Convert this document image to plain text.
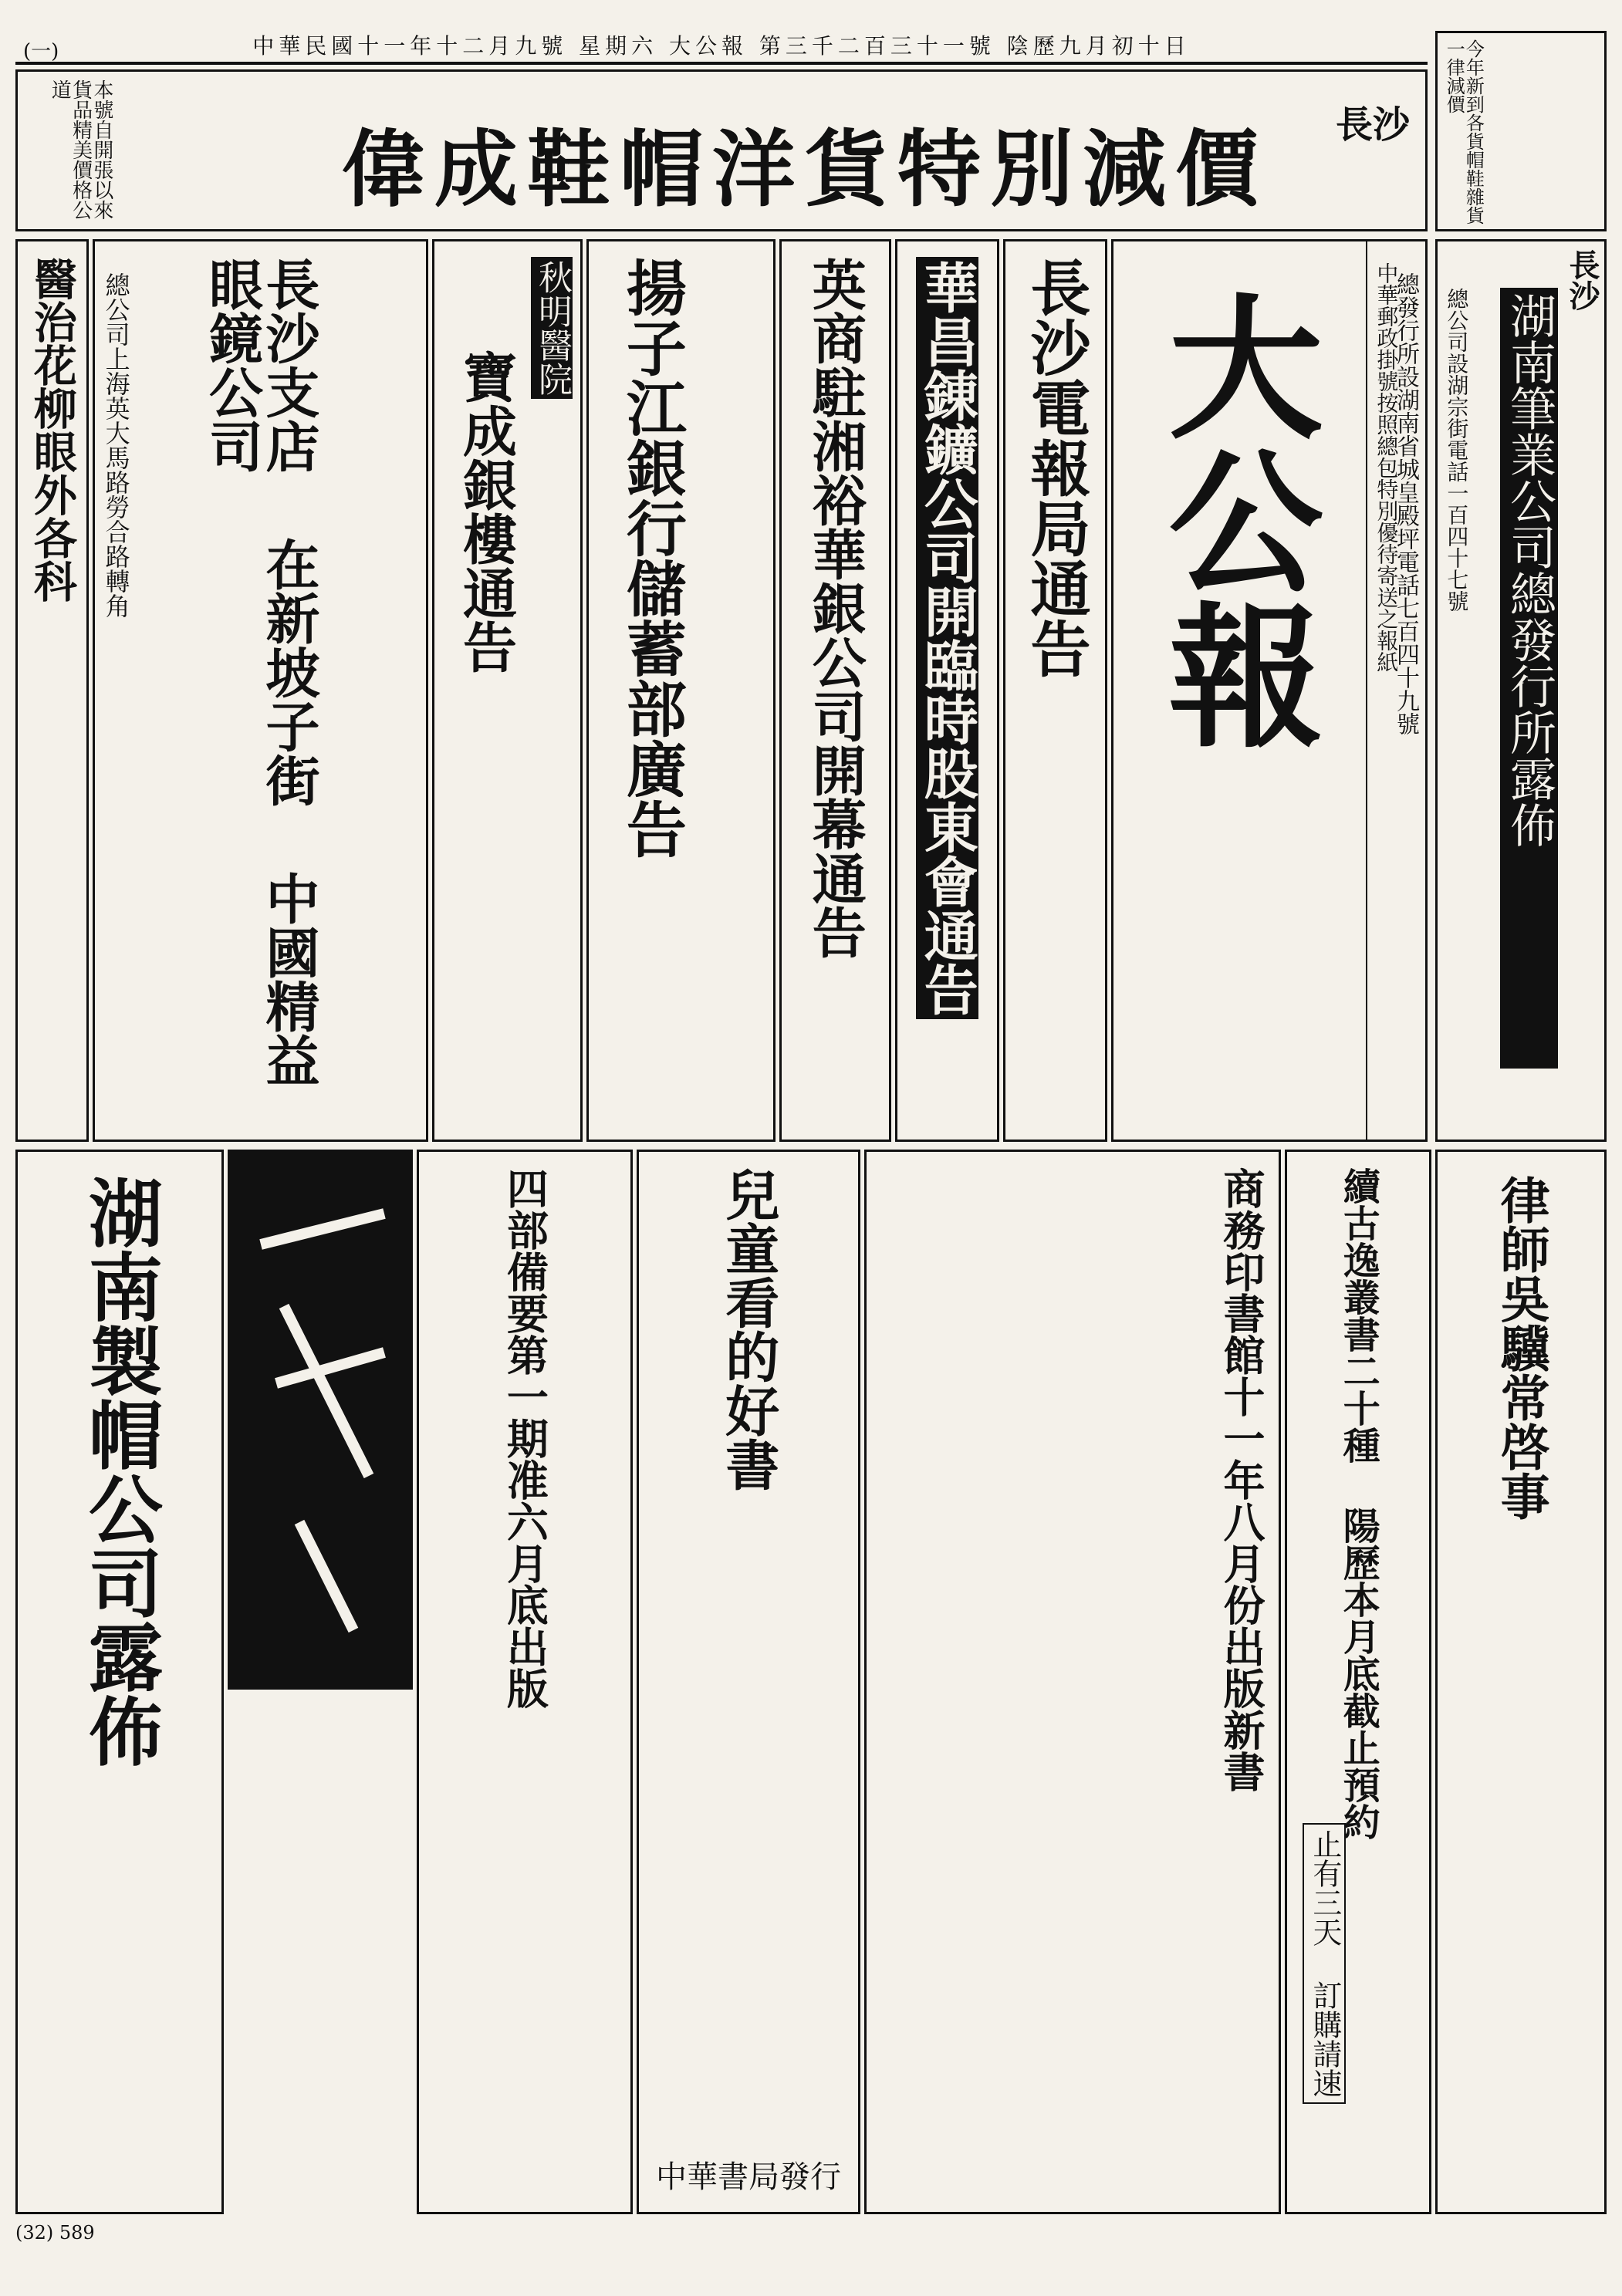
中華民國十一年十二月九號 星期六 大公報 第三千二百三十一號 陰歷九月初十日
(一)
偉成鞋帽洋貨特別減價 長沙
本號自開張以來貨品精美價格公道	今年新到各貨帽鞋雜貨一律減價
長沙
湖南筆業公司總發行所露佈
總公司設湖宗街電話一百四十七號
大公報	總發行所設湖南省城皇殿坪電話七百四十九號
中華郵政掛號按照總包特別優待寄送之報紙
長沙電報局通告
華昌錬鑛公司開臨時股東會通告
英商駐湘裕華銀公司開幕通告
揚子江銀行儲蓄部廣告
寶成銀樓通告
秋明醫院
長沙支店 在新坡子街 中國精益眼鏡公司
總公司上海英大馬路勞合路轉角
醫治花柳眼外各科
湖南製帽公司露佈	四部備要第一期准六月底出版	兒童看的好書
中華書局發行
商務印書館十一年八月份出版新書 續古逸叢書二十種 陽歷本月底截止預約
止有三天 訂購請速
律師吳驥常啓事
(32) 589
